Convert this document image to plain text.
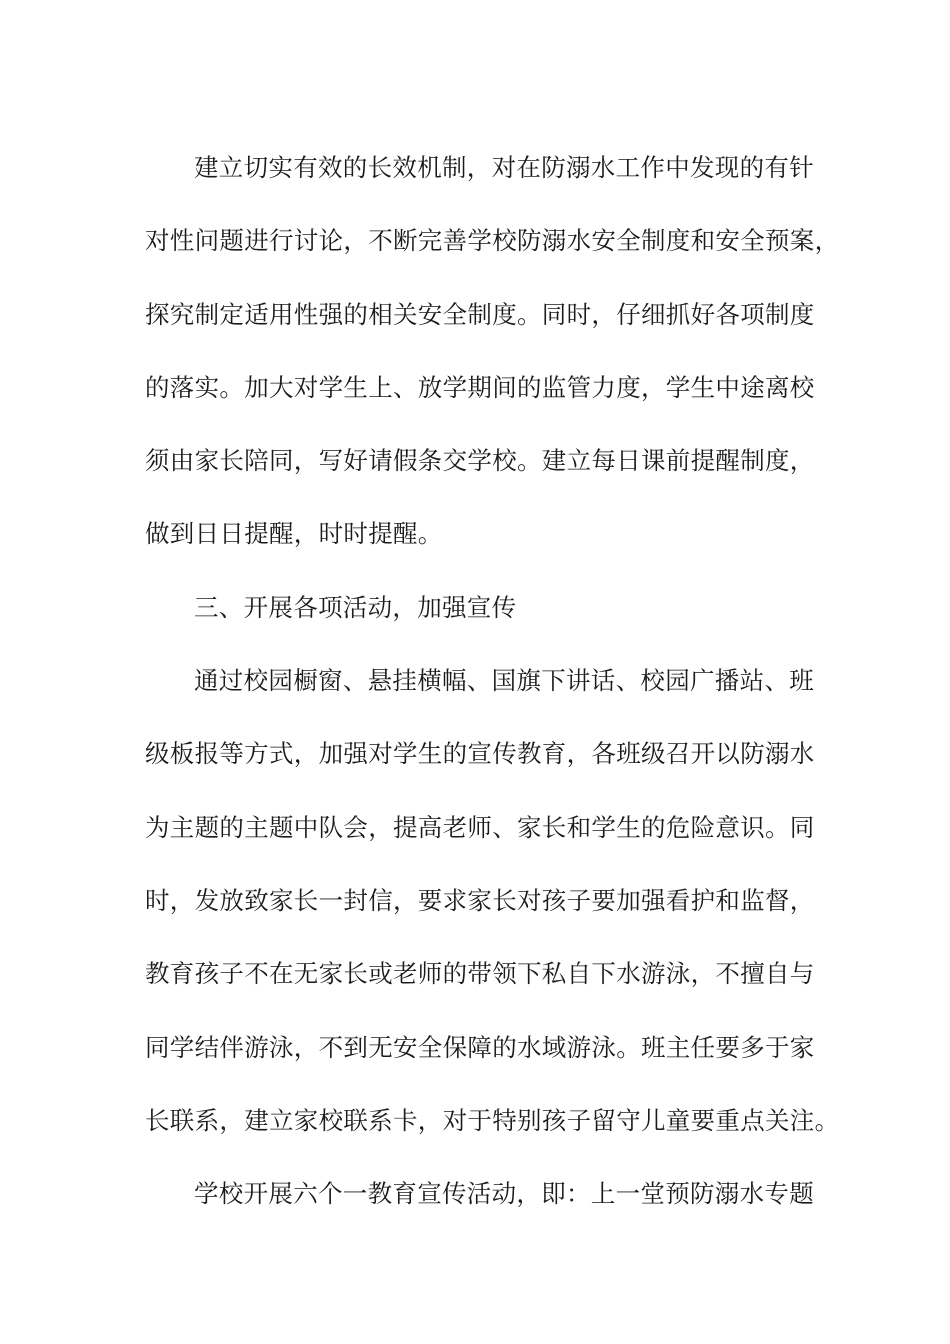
建立切实有效的长效机制，对在防溺水工作中发现的有针
对性问题进行讨论，不断完善学校防溺水安全制度和安全预案，
探究制定适用性强的相关安全制度。同时，仔细抓好各项制度
的落实。加大对学生上、放学期间的监管力度，学生中途离校
须由家长陪同，写好请假条交学校。建立每日课前提醒制度，
做到日日提醒，时时提醒。
三、开展各项活动，加强宣传
通过校园橱窗、悬挂横幅、国旗下讲话、校园广播站、班
级板报等方式，加强对学生的宣传教育，各班级召开以防溺水
为主题的主题中队会，提高老师、家长和学生的危险意识。同
时，发放致家长一封信，要求家长对孩子要加强看护和监督，
教育孩子不在无家长或老师的带领下私自下水游泳，不擅自与
同学结伴游泳，不到无安全保障的水域游泳。班主任要多于家
长联系，建立家校联系卡，对于特别孩子留守儿童要重点关注。
学校开展六个一教育宣传活动，即：上一堂预防溺水专题
